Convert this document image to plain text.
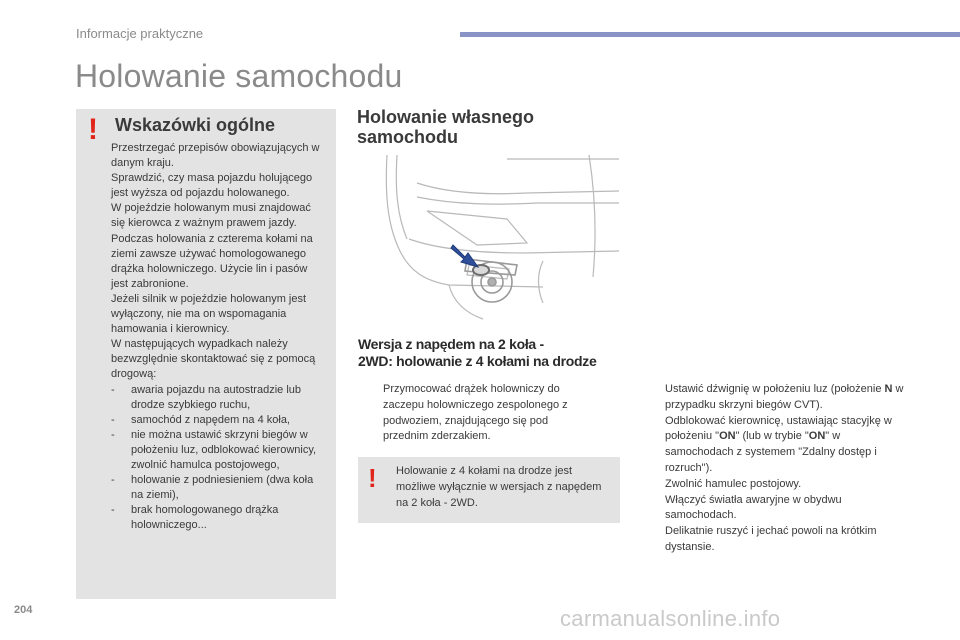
Informacje praktyczne
Holowanie samochodu
! Wskazówki ogólne

Przestrzegać przepisów obowiązujących w danym kraju.

Sprawdzić, czy masa pojazdu holującego jest wyższa od pojazdu holowanego.

W pojeździe holowanym musi znajdować się kierowca z ważnym prawem jazdy.

Podczas holowania z czterema kołami na ziemi zawsze używać homologowanego drążka holowniczego. Użycie lin i pasów jest zabronione.

Jeżeli silnik w pojeździe holowanym jest wyłączony, nie ma on wspomagania hamowania i kierownicy.

W następujących wypadkach należy bezwzględnie skontaktować się z pomocą drogową:

- awaria pojazdu na autostradzie lub drodze szybkiego ruchu,
- samochód z napędem na 4 koła,
- nie można ustawić skrzyni biegów w położeniu luz, odblokować kierownicy, zwolnić hamulca postojowego,
- holowanie z podniesieniem (dwa koła na ziemi),
- brak homologowanego drążka holowniczego...
Holowanie własnego samochodu
Wersja z napędem na 2 koła -
2WD: holowanie z 4 kołami na drodze
Przymocować drążek holowniczy do zaczepu holowniczego zespolonego z podwoziem, znajdującego się pod przednim zderzakiem.
! Holowanie z 4 kołami na drodze jest możliwe wyłącznie w wersjach z napędem na 2 koła - 2WD.
Ustawić dźwignię w położeniu luz (położenie N w przypadku skrzyni biegów CVT).
Odblokować kierownicę, ustawiając stacyjkę w położeniu "ON" (lub w trybie "ON" w samochodach z systemem "Zdalny dostęp i rozruch").
Zwolnić hamulec postojowy.
Włączyć światła awaryjne w obydwu samochodach.
Delikatnie ruszyć i jechać powoli na krótkim dystansie.
204	carmanualsonline.info
